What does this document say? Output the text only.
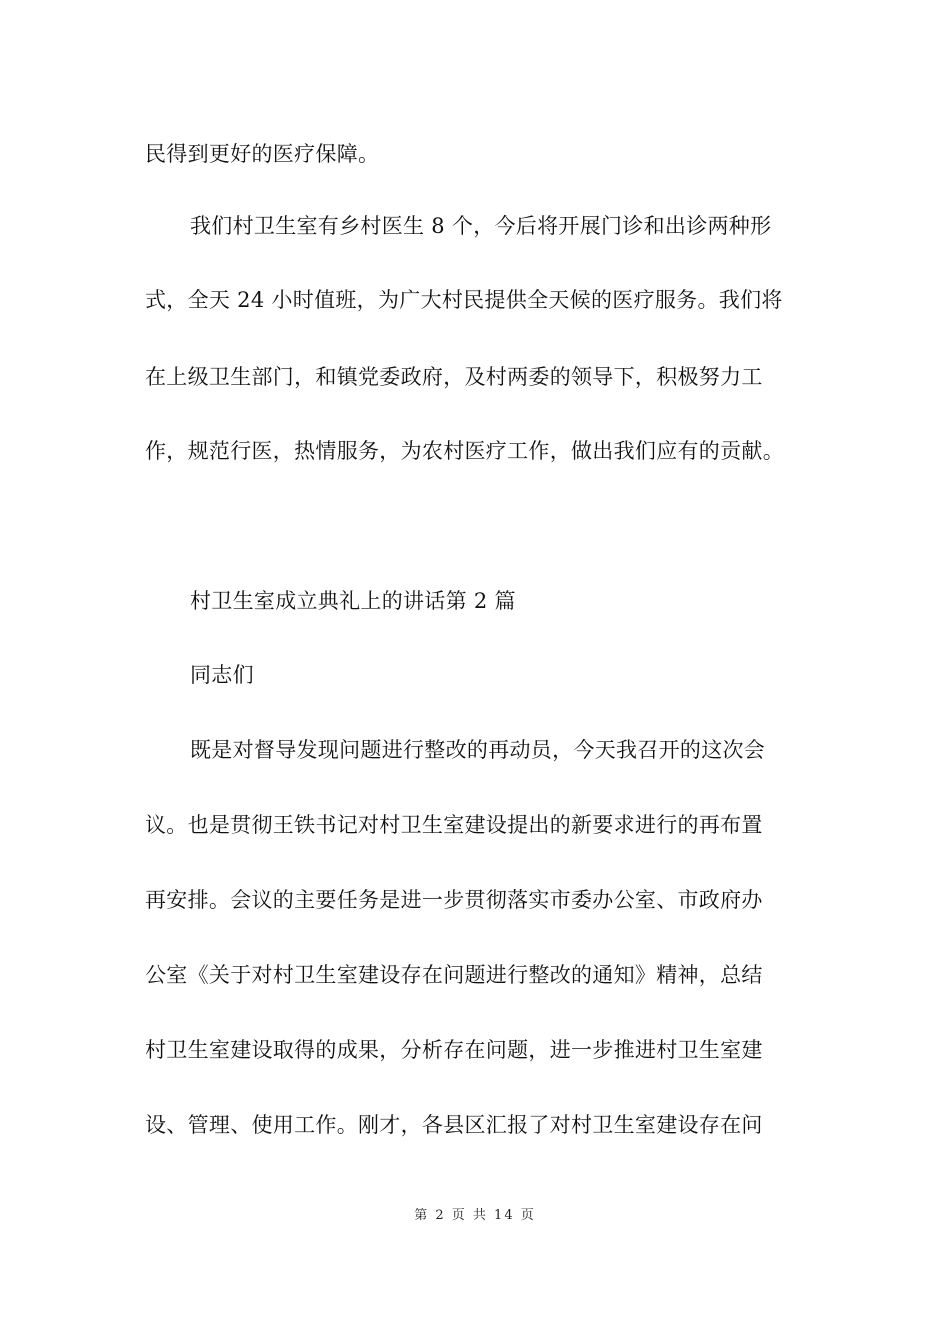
民得到更好的医疗保障。
我们村卫生室有乡村医生 8 个，今后将开展门诊和出诊两种形
式，全天 24 小时值班，为广大村民提供全天候的医疗服务。我们将
在上级卫生部门，和镇党委政府，及村两委的领导下，积极努力工
作，规范行医，热情服务，为农村医疗工作，做出我们应有的贡献。
村卫生室成立典礼上的讲话第 2 篇
同志们
既是对督导发现问题进行整改的再动员，今天我召开的这次会
议。也是贯彻王铁书记对村卫生室建设提出的新要求进行的再布置
再安排。会议的主要任务是进一步贯彻落实市委办公室、市政府办
公室《关于对村卫生室建设存在问题进行整改的通知》精神，总结
村卫生室建设取得的成果，分析存在问题，进一步推进村卫生室建
设、管理、使用工作。刚才，各县区汇报了对村卫生室建设存在问
第 2 页 共 14 页
